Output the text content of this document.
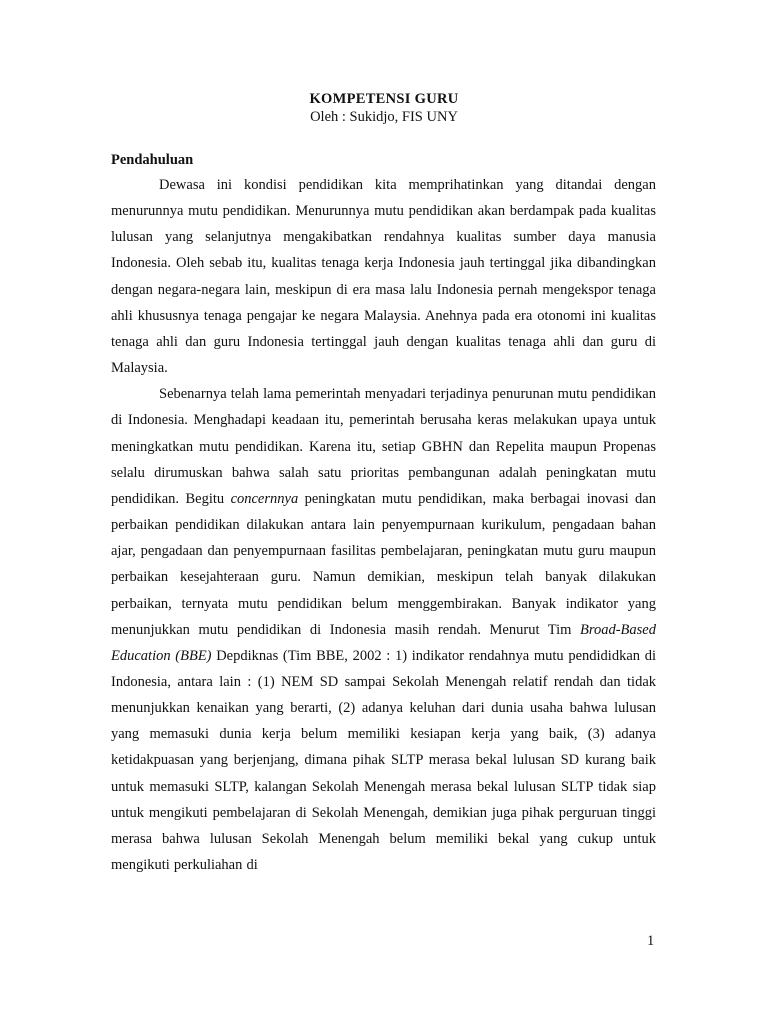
KOMPETENSI GURU
Oleh : Sukidjo, FIS UNY
Pendahuluan

Dewasa ini kondisi pendidikan kita memprihatinkan yang ditandai dengan menurunnya mutu pendidikan. Menurunnya mutu pendidikan akan berdampak pada kualitas lulusan yang selanjutnya mengakibatkan rendahnya kualitas sumber daya manusia Indonesia. Oleh sebab itu, kualitas tenaga kerja Indonesia jauh tertinggal jika dibandingkan dengan negara-negara lain, meskipun di era masa lalu Indonesia pernah mengekspor tenaga ahli khususnya tenaga pengajar ke negara Malaysia. Anehnya pada era otonomi ini kualitas tenaga ahli dan guru Indonesia tertinggal jauh dengan kualitas tenaga ahli dan guru di Malaysia.

Sebenarnya telah lama pemerintah menyadari terjadinya penurunan mutu pendidikan di Indonesia. Menghadapi keadaan itu, pemerintah berusaha keras melakukan upaya untuk meningkatkan mutu pendidikan. Karena itu, setiap GBHN dan Repelita maupun Propenas selalu dirumuskan bahwa salah satu prioritas pembangunan adalah peningkatan mutu pendidikan. Begitu concernnya peningkatan mutu pendidikan, maka berbagai inovasi dan perbaikan pendidikan dilakukan antara lain penyempurnaan kurikulum, pengadaan bahan ajar, pengadaan dan penyempurnaan fasilitas pembelajaran, peningkatan mutu guru maupun perbaikan kesejahteraan guru. Namun demikian, meskipun telah banyak dilakukan perbaikan, ternyata mutu pendidikan belum menggembirakan. Banyak indikator yang menunjukkan mutu pendidikan di Indonesia masih rendah. Menurut Tim Broad-Based Education (BBE) Depdiknas (Tim BBE, 2002 : 1) indikator rendahnya mutu pendididkan di Indonesia, antara lain : (1) NEM SD sampai Sekolah Menengah relatif rendah dan tidak menunjukkan kenaikan yang berarti, (2) adanya keluhan dari dunia usaha bahwa lulusan yang memasuki dunia kerja belum memiliki kesiapan kerja yang baik, (3) adanya ketidakpuasan yang berjenjang, dimana pihak SLTP merasa bekal lulusan SD kurang baik untuk memasuki SLTP, kalangan Sekolah Menengah merasa bekal lulusan SLTP tidak siap untuk mengikuti pembelajaran di Sekolah Menengah, demikian juga pihak perguruan tinggi merasa bahwa lulusan Sekolah Menengah belum memiliki bekal yang cukup untuk mengikuti perkuliahan di

1
